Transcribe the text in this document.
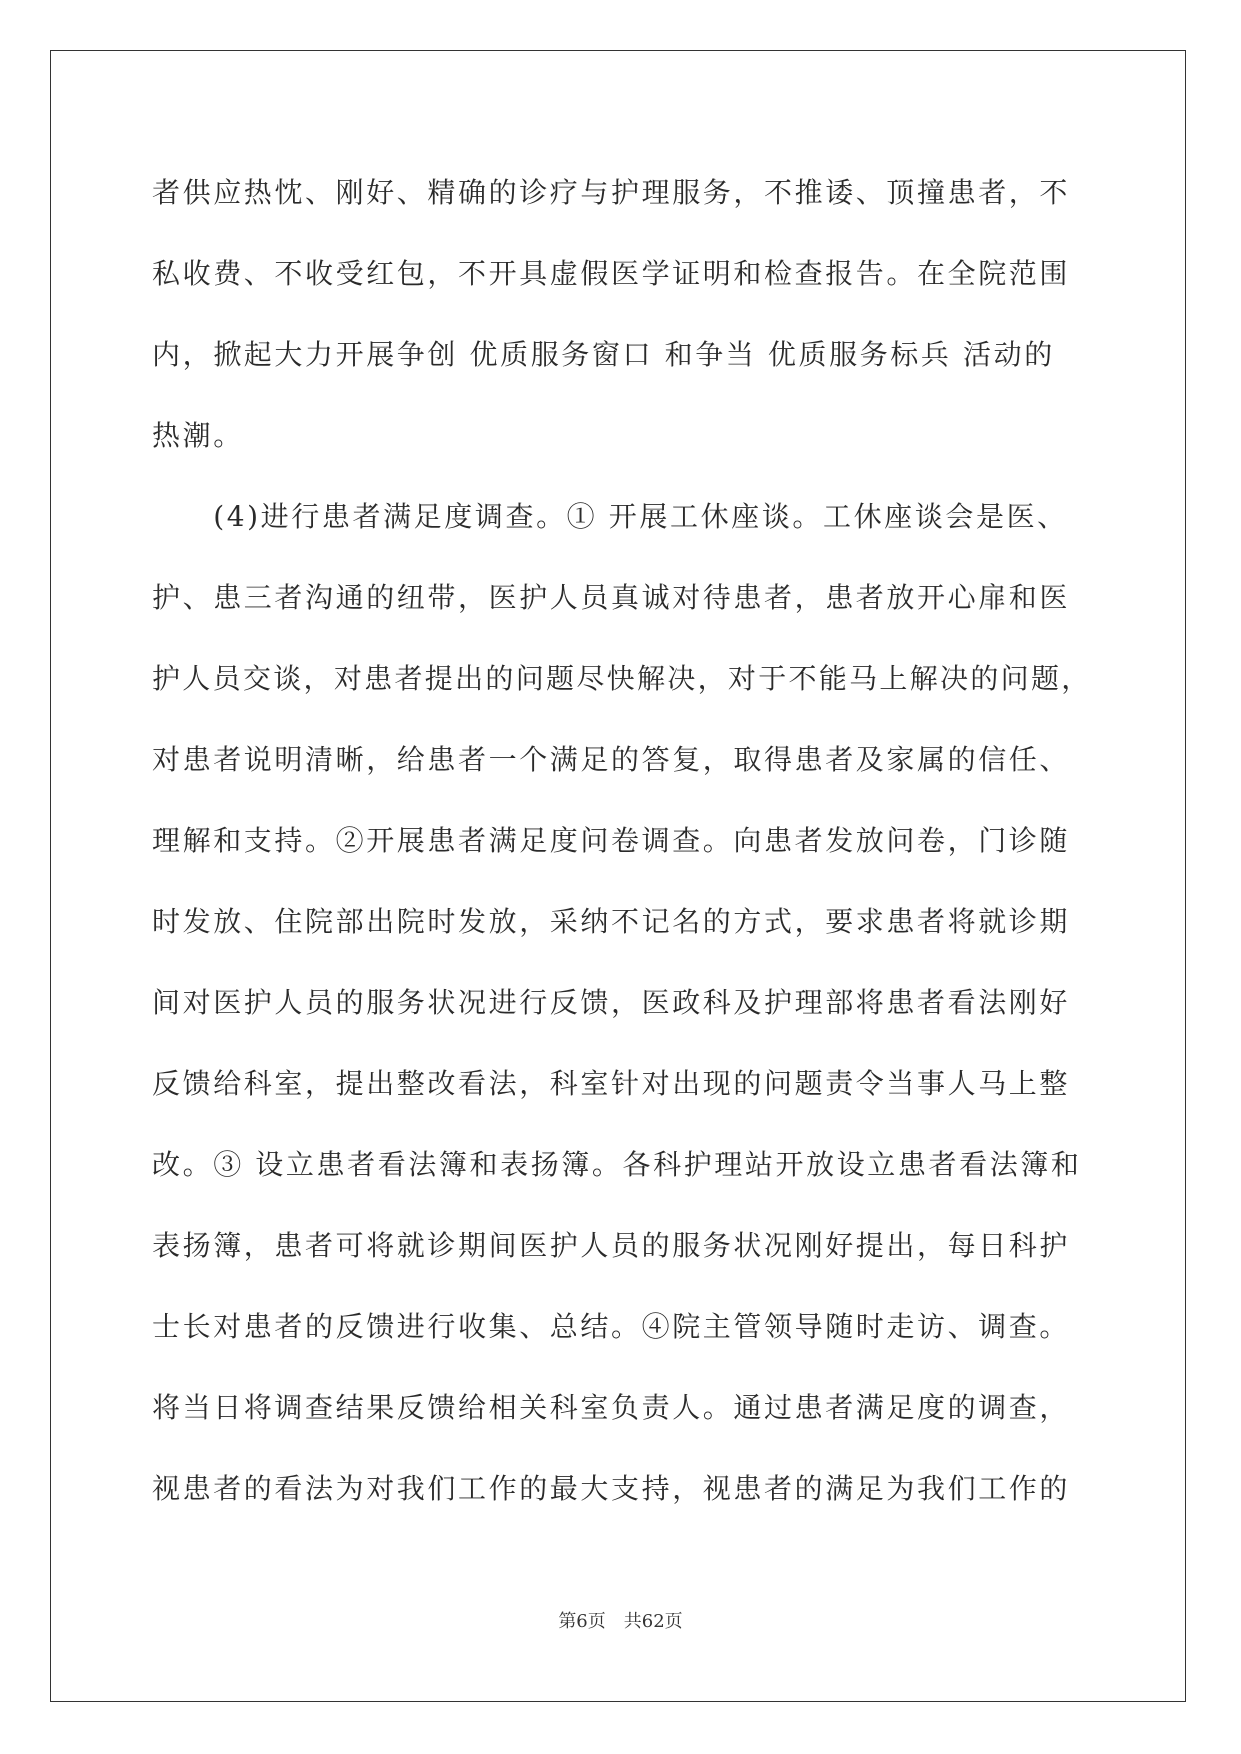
者供应热忱、刚好、精确的诊疗与护理服务，不推诿、顶撞患者，不
私收费、不收受红包，不开具虚假医学证明和检查报告。在全院范围
内，掀起大力开展争创 优质服务窗口 和争当 优质服务标兵 活动的
热潮。
　　(4)进行患者满足度调查。① 开展工休座谈。工休座谈会是医、
护、患三者沟通的纽带，医护人员真诚对待患者，患者放开心扉和医
护人员交谈，对患者提出的问题尽快解决，对于不能马上解决的问题，
对患者说明清晰，给患者一个满足的答复，取得患者及家属的信任、
理解和支持。②开展患者满足度问卷调查。向患者发放问卷，门诊随
时发放、住院部出院时发放，采纳不记名的方式，要求患者将就诊期
间对医护人员的服务状况进行反馈，医政科及护理部将患者看法刚好
反馈给科室，提出整改看法，科室针对出现的问题责令当事人马上整
改。③ 设立患者看法簿和表扬簿。各科护理站开放设立患者看法簿和
表扬簿，患者可将就诊期间医护人员的服务状况刚好提出，每日科护
士长对患者的反馈进行收集、总结。④院主管领导随时走访、调查。
将当日将调查结果反馈给相关科室负责人。通过患者满足度的调查，
视患者的看法为对我们工作的最大支持，视患者的满足为我们工作的
第6页　共62页
